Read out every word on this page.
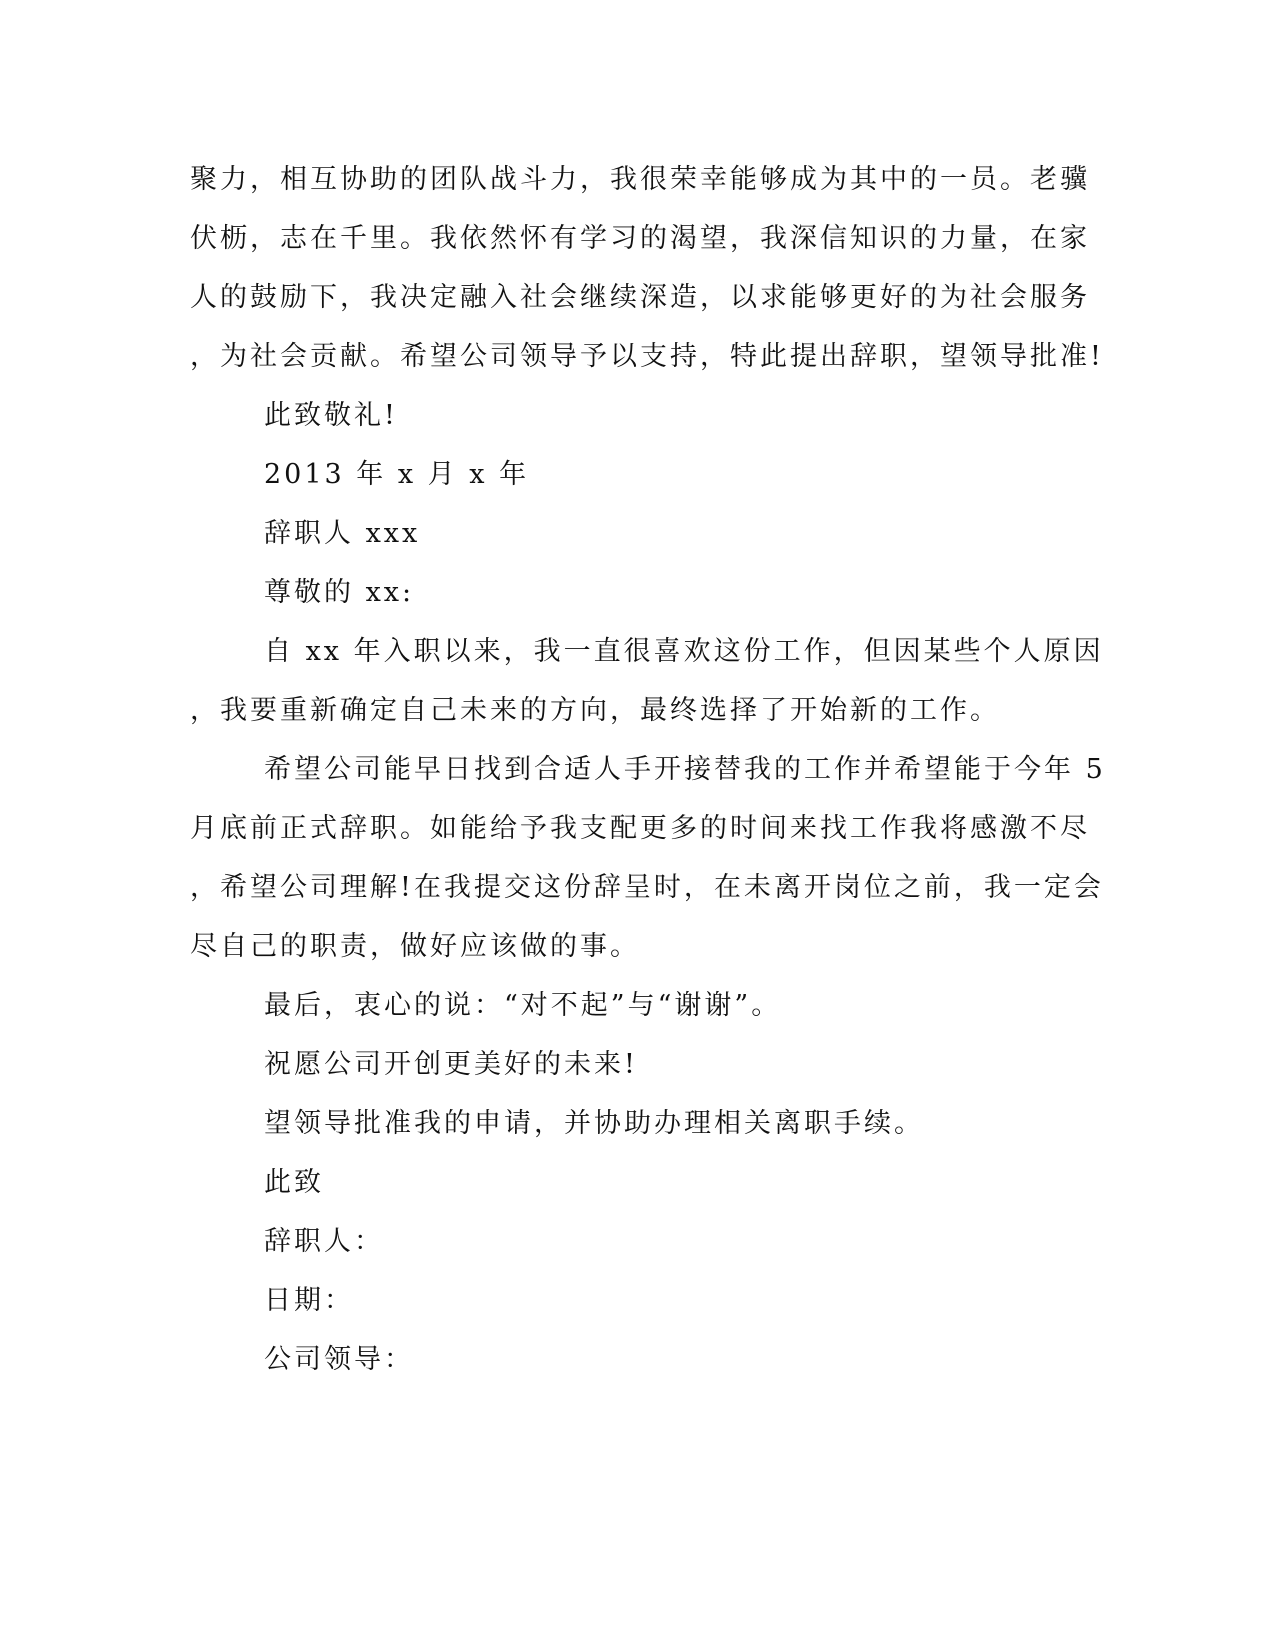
聚力，相互协助的团队战斗力，我很荣幸能够成为其中的一员。老骥
伏枥，志在千里。我依然怀有学习的渴望，我深信知识的力量，在家
人的鼓励下，我决定融入社会继续深造，以求能够更好的为社会服务
，为社会贡献。希望公司领导予以支持，特此提出辞职，望领导批准!
此致敬礼!
2013 年 x 月 x 年
辞职人 xxx
尊敬的 xx:
自 xx 年入职以来，我一直很喜欢这份工作，但因某些个人原因
，我要重新确定自己未来的方向，最终选择了开始新的工作。
希望公司能早日找到合适人手开接替我的工作并希望能于今年 5
月底前正式辞职。如能给予我支配更多的时间来找工作我将感激不尽
，希望公司理解!在我提交这份辞呈时，在未离开岗位之前，我一定会
尽自己的职责，做好应该做的事。
最后，衷心的说：“对不起”与“谢谢”。
祝愿公司开创更美好的未来!
望领导批准我的申请，并协助办理相关离职手续。
此致
辞职人：
日期：
公司领导：
